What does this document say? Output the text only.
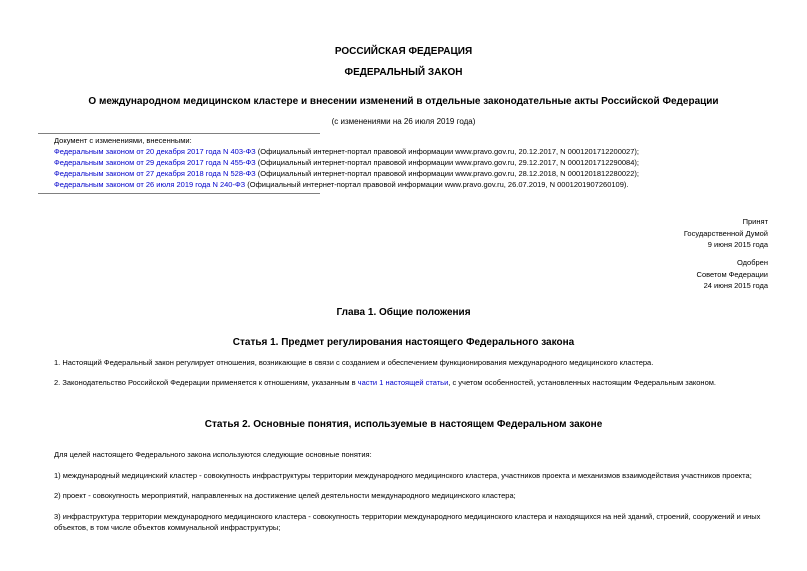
РОССИЙСКАЯ ФЕДЕРАЦИЯ
ФЕДЕРАЛЬНЫЙ ЗАКОН
О международном медицинском кластере и внесении изменений в отдельные законодательные акты Российской Федерации
(с изменениями на 26 июля 2019 года)
Документ с изменениями, внесенными:
Федеральным законом от 20 декабря 2017 года N 403-ФЗ (Официальный интернет-портал правовой информации www.pravo.gov.ru, 20.12.2017, N 0001201712200027);
Федеральным законом от 29 декабря 2017 года N 455-ФЗ (Официальный интернет-портал правовой информации www.pravo.gov.ru, 29.12.2017, N 0001201712290084);
Федеральным законом от 27 декабря 2018 года N 528-ФЗ (Официальный интернет-портал правовой информации www.pravo.gov.ru, 28.12.2018, N 0001201812280022);
Федеральным законом от 26 июля 2019 года N 240-ФЗ (Официальный интернет-портал правовой информации www.pravo.gov.ru, 26.07.2019, N 0001201907260109).
Принят
Государственной Думой
9 июня 2015 года
Одобрен
Советом Федерации
24 июня 2015 года
Глава 1. Общие положения
Статья 1. Предмет регулирования настоящего Федерального закона
1. Настоящий Федеральный закон регулирует отношения, возникающие в связи с созданием и обеспечением функционирования международного медицинского кластера.
2. Законодательство Российской Федерации применяется к отношениям, указанным в части 1 настоящей статьи, с учетом особенностей, установленных настоящим Федеральным законом.
Статья 2. Основные понятия, используемые в настоящем Федеральном законе
Для целей настоящего Федерального закона используются следующие основные понятия:
1) международный медицинский кластер - совокупность инфраструктуры территории международного медицинского кластера, участников проекта и механизмов взаимодействия участников проекта;
2) проект - совокупность мероприятий, направленных на достижение целей деятельности международного медицинского кластера;
3) инфраструктура территории международного медицинского кластера - совокупность территории международного медицинского кластера и находящихся на ней зданий, строений, сооружений и иных объектов, в том числе объектов коммунальной инфраструктуры;
